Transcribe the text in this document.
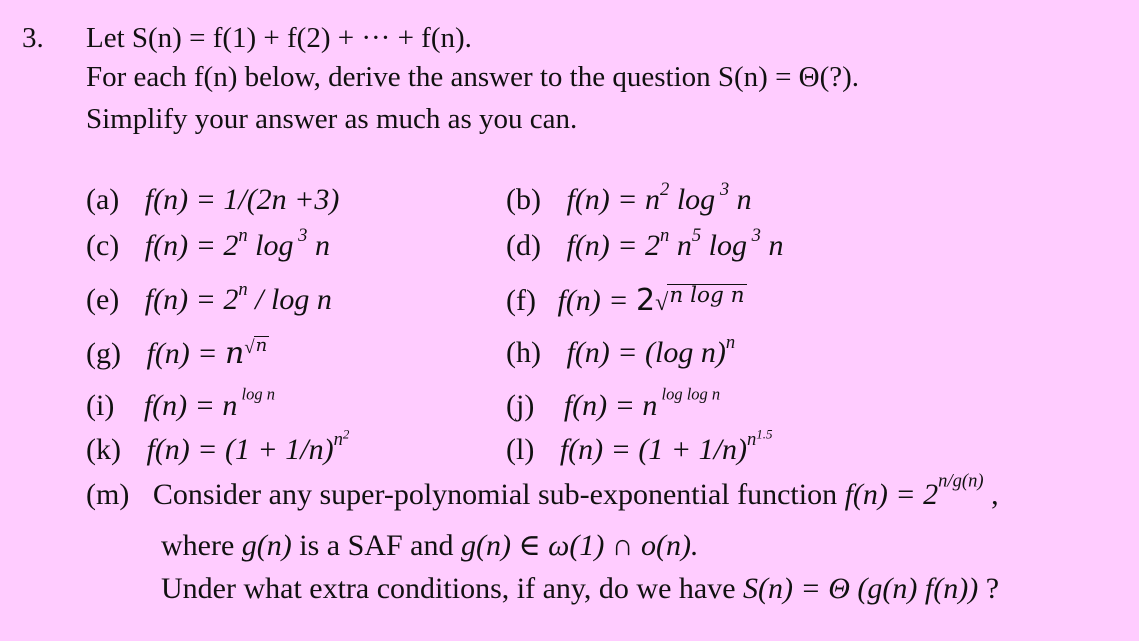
3. Let S(n) = f(1) + f(2) + ··· + f(n).
For each f(n) below, derive the answer to the question S(n) = Θ(?).
Simplify your answer as much as you can.
(a) f(n) = 1/(2n +3)	(b) $f(n) = n^2$ log $^3$ n
(c) $f(n) = 2^n$ log $^3$ n	(d) $f(n) = 2^n$ $n^5$ log $^3$ n
(e) $f(n) = 2^n / \log n$	(f) f(n) = 2√n log n
(g) f(n) = n√n	(h) f(n) = (log n)$^n$
(i) f(n) = n $^{log n}$	(j) f(n) = n $^{log log n}$
(k) $f(n) = (1 + 1/n)^{n^2}$	(l) $f(n) = (1 + 1/n)^{n^{1.5}}$
(m) Consider any super-polynomial sub-exponential function $f(n) = 2^{n/g(n)}$ ,
where g(n) is a SAF and g(n) ∈ ω(1) ∩ o(n).
Under what extra conditions, if any, do we have S(n) = Θ (g(n) f(n)) ?
